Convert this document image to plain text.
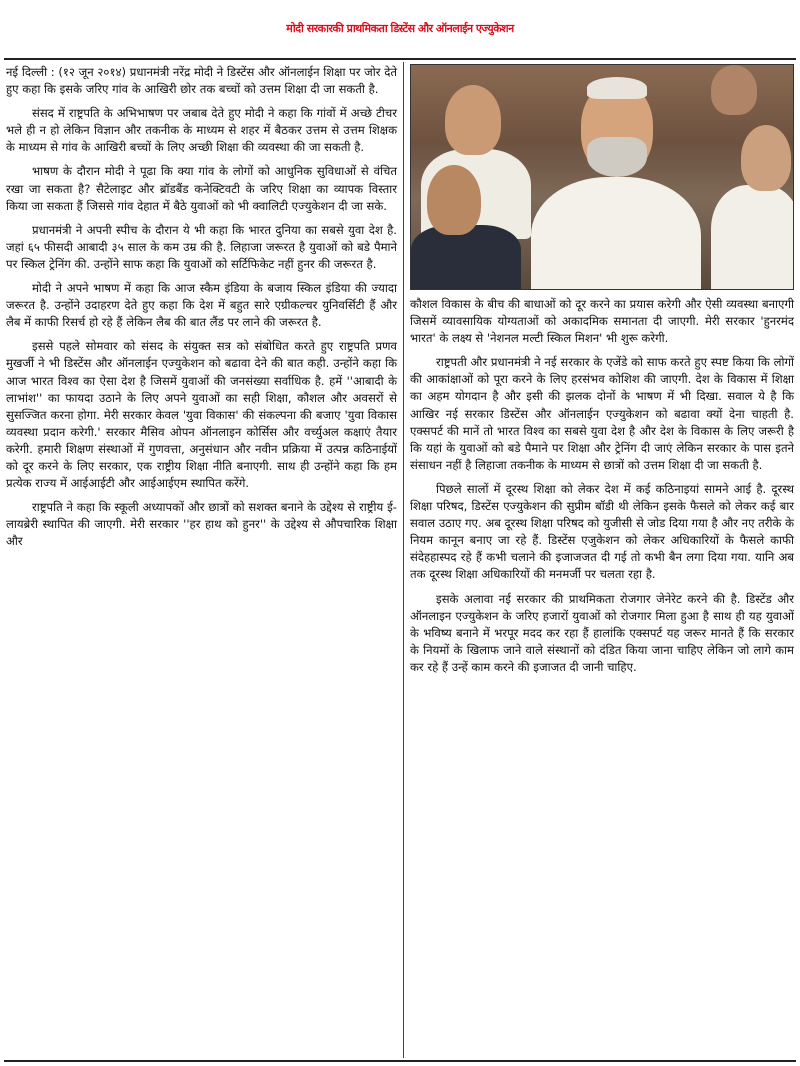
मोदी सरकारकी प्राथमिकता डिस्टेंस और ऑनलाईन एज्युकेशन

नई दिल्ली : (१२ जून २०१४) प्रधानमंत्री नरेंद्र मोदी ने डिस्टेंस और ऑनलाईन शिक्षा पर जोर देते हुए कहा कि इसके जरिए गांव के आखिरी छोर तक बच्चों को उत्तम शिक्षा दी जा सकती है.

संसद में राष्ट्रपति के अभिभाषण पर जबाब देते हुए मोदी ने कहा कि गांवों में अच्छे टीचर भले ही न हो लेकिन विज्ञान और तकनीक के माध्यम से शहर में बैठकर उत्तम से उत्तम शिक्षक के माध्यम से गांव के आखिरी बच्चों के लिए अच्छी शिक्षा की व्यवस्था की जा सकती है.

भाषण के दौरान मोदी ने पूढा कि क्या गांव के लोगों को आधुनिक सुविधाओं से वंचित रखा जा सकता है? सैटेलाइट और ब्रॉडबैंड कनेक्टिवटी के जरिए शिक्षा का व्यापक विस्तार किया जा सकता हैं जिससे गांव देहात में बैठे युवाओं को भी क्वालिटी एज्युकेशन दी जा सके.

प्रधानमंत्री ने अपनी स्पीच के दौरान ये भी कहा कि भारत दुनिया का सबसे युवा देश है. जहां ६५ फीसदी आबादी ३५ साल के कम उम्र की है. लिहाजा जरूरत है युवाओं को बडे पैमाने पर स्किल ट्रेनिंग की. उन्होंने साफ कहा कि युवाओं को सर्टिफिकेट नहीं हुनर की जरूरत है.

मोदी ने अपने भाषण में कहा कि आज स्कैम इंडिया के बजाय स्किल इंडिया की ज्यादा जरूरत है. उन्होंने उदाहरण देते हुए कहा कि देश में बहुत सारे एग्रीकल्चर युनिवर्सिटी हैं और लैब में काफी रिसर्च हो रहे हैं लेकिन लैब की बात लैंड पर लाने की जरूरत है.

इससे पहले सोमवार को संसद के संयुक्त सत्र को संबोधित करते हुए राष्ट्रपति प्रणव मुखर्जी ने भी डिस्टेंस और ऑनलाईन एज्युकेशन को बढावा देने की बात कही. उन्होंने कहा कि आज भारत विश्व का ऐसा देश है जिसमें युवाओं की जनसंख्या सर्वाधिक है. हमें ''आबादी के लाभांश'' का फायदा उठाने के लिए अपने युवाओं का सही शिक्षा, कौशल और अवसरों से सुसज्जित करना होगा. मेरी सरकार केवल 'युवा विकास' की संकल्पना की बजाए 'युवा विकास व्यवस्था प्रदान करेगी.' सरकार मैसिव ओपन ऑनलाइन कोर्सिस और वर्च्युअल कक्षाएं तैयार करेगी. हमारी शिक्षण संस्थाओं में गुणवत्ता, अनुसंधान और नवीन प्रक्रिया में उत्पन्न कठिनाईयों को दूर करने के लिए सरकार, एक राष्ट्रीय शिक्षा नीति बनाएगी. साथ ही उन्होंने कहा कि हम प्रत्येक राज्य में आईआईटी और आईआईएम स्थापित करेंगे.

राष्ट्रपति ने कहा कि स्कूली अध्यापकों और छात्रों को सशक्त बनाने के उद्देश्य से राष्ट्रीय ई-लायब्रेरी स्थापित की जाएगी. मेरी सरकार ''हर हाथ को हुनर'' के उद्देश्य से औपचारिक शिक्षा और

कौशल विकास के बीच की बाधाओं को दूर करने का प्रयास करेगी और ऐसी व्यवस्था बनाएगी जिसमें व्यावसायिक योग्यताओं को अकादमिक समानता दी जाएगी. मेरी सरकार 'हुनरमंद भारत' के लक्ष्य से 'नेशनल मल्टी स्किल मिशन' भी शुरू करेगी.

राष्ट्रपती और प्रधानमंत्री ने नई सरकार के एजेंडे को साफ करते हुए स्पष्ट किया कि लोगों की आकांक्षाओं को पूरा करने के लिए हरसंभव कोशिश की जाएगी. देश के विकास में शिक्षा का अहम योगदान है और इसी की झलक दोनों के भाषण में भी दिखा. सवाल ये है कि आखिर नई सरकार डिस्टेंस और ऑनलाईन एज्युकेशन को बढावा क्यों देना चाहती है. एक्सपर्ट की मानें तो भारत विश्व का सबसे युवा देश है और देश के विकास के लिए जरूरी है कि यहां के युवाओं को बडे पैमाने पर शिक्षा और ट्रेनिंग दी जाएं लेकिन सरकार के पास इतने संसाधन नहीं है लिहाजा तकनीक के माध्यम से छात्रों को उत्तम शिक्षा दी जा सकती है.

पिछले सालों में दूरस्थ शिक्षा को लेकर देश में कई कठिनाइयां सामने आई है. दूरस्थ शिक्षा परिषद, डिस्टेंस एज्युकेशन की सुप्रीम बॉडी थी लेकिन इसके फैसले को लेकर कई बार सवाल उठाए गए. अब दूरस्थ शिक्षा परिषद को युजीसी से जोड दिया गया है और नए तरीके के नियम कानून बनाए जा रहे हैं. डिस्टेंस एजुकेशन को लेकर अधिकारियों के फैसले काफी संदेहहास्पद रहे हैं कभी चलाने की इजाजजत दी गई तो कभी बैन लगा दिया गया. यानि अब तक दूरस्थ शिक्षा अधिकारियों की मनमर्जी पर चलता रहा है.

इसके अलावा नई सरकार की प्राथमिकता रोजगार जेनेरेट करने की है. डिस्टेंड और ऑनलाइन एज्युकेशन के जरिए हजारों युवाओं को रोजगार मिला हुआ है साथ ही यह युवाओं के भविष्य बनाने में भरपूर मदद कर रहा हैं हालांकि एक्सपर्ट यह जरूर मानते हैं कि सरकार के नियमों के खिलाफ जाने वाले संस्थानों को दंडित किया जाना चाहिए लेकिन जो लागे काम कर रहे हैं उन्हें काम करने की इजाजत दी जानी चाहिए.
